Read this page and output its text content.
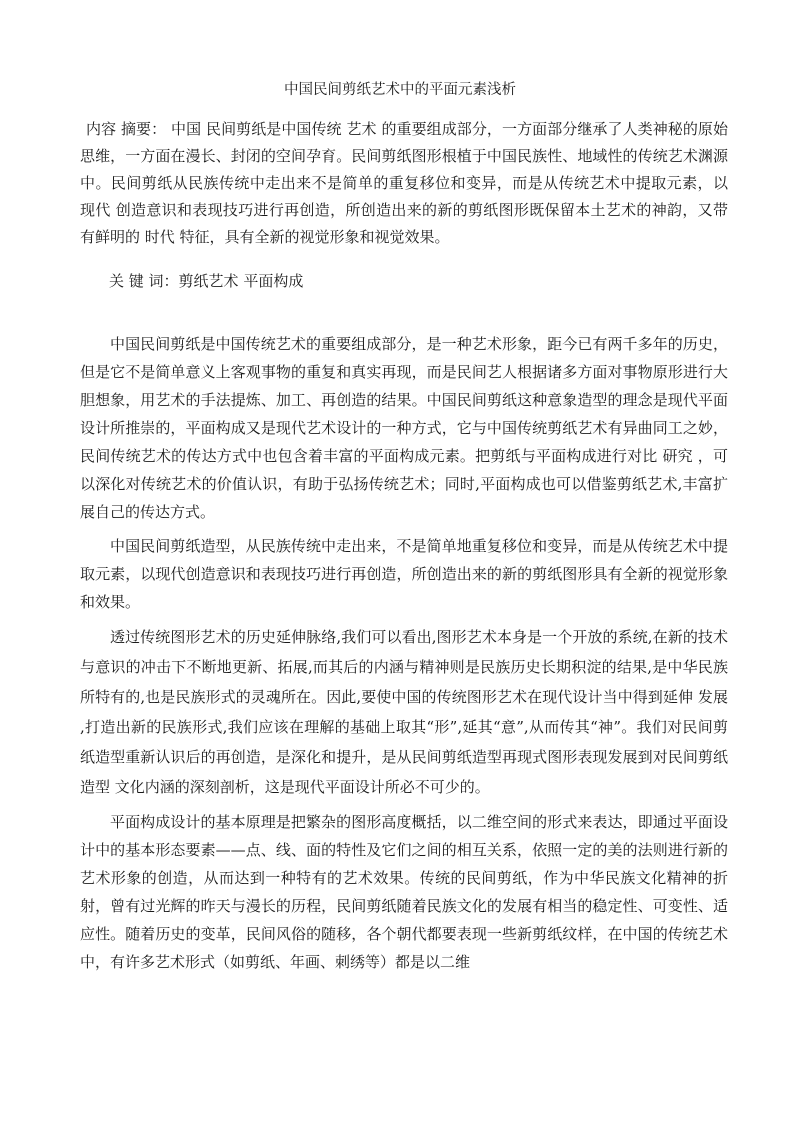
中国民间剪纸艺术中的平面元素浅析
内容 摘要： 中国 民间剪纸是中国传统 艺术 的重要组成部分，一方面部分继承了人类神秘的原始思维，一方面在漫长、封闭的空间孕育。民间剪纸图形根植于中国民族性、地域性的传统艺术渊源中。民间剪纸从民族传统中走出来不是简单的重复移位和变异，而是从传统艺术中提取元素，以 现代 创造意识和表现技巧进行再创造，所创造出来的新的剪纸图形既保留本土艺术的神韵，又带有鲜明的 时代 特征，具有全新的视觉形象和视觉效果。
关 键 词：剪纸艺术 平面构成

中国民间剪纸是中国传统艺术的重要组成部分，是一种艺术形象，距今已有两千多年的历史，但是它不是简单意义上客观事物的重复和真实再现，而是民间艺人根据诸多方面对事物原形进行大胆想象，用艺术的手法提炼、加工、再创造的结果。中国民间剪纸这种意象造型的理念是现代平面设计所推崇的，平面构成又是现代艺术设计的一种方式，它与中国传统剪纸艺术有异曲同工之妙，民间传统艺术的传达方式中也包含着丰富的平面构成元素。把剪纸与平面构成进行对比 研究 ，可以深化对传统艺术的价值认识，有助于弘扬传统艺术；同时,平面构成也可以借鉴剪纸艺术,丰富扩展自己的传达方式。

中国民间剪纸造型，从民族传统中走出来，不是简单地重复移位和变异，而是从传统艺术中提取元素，以现代创造意识和表现技巧进行再创造，所创造出来的新的剪纸图形具有全新的视觉形象和效果。

透过传统图形艺术的历史延伸脉络,我们可以看出,图形艺术本身是一个开放的系统,在新的技术与意识的冲击下不断地更新、拓展,而其后的内涵与精神则是民族历史长期积淀的结果,是中华民族所特有的,也是民族形式的灵魂所在。因此,要使中国的传统图形艺术在现代设计当中得到延伸 发展 ,打造出新的民族形式,我们应该在理解的基础上取其“形”,延其“意”,从而传其“神”。我们对民间剪纸造型重新认识后的再创造，是深化和提升，是从民间剪纸造型再现式图形表现发展到对民间剪纸造型 文化内涵的深刻剖析，这是现代平面设计所必不可少的。

平面构成设计的基本原理是把繁杂的图形高度概括，以二维空间的形式来表达，即通过平面设计中的基本形态要素——点、线、面的特性及它们之间的相互关系，依照一定的美的法则进行新的艺术形象的创造，从而达到一种特有的艺术效果。传统的民间剪纸，作为中华民族文化精神的折射，曾有过光辉的昨天与漫长的历程，民间剪纸随着民族文化的发展有相当的稳定性、可变性、适应性。随着历史的变革，民间风俗的随移，各个朝代都要表现一些新剪纸纹样，在中国的传统艺术中，有许多艺术形式（如剪纸、年画、刺绣等）都是以二维
